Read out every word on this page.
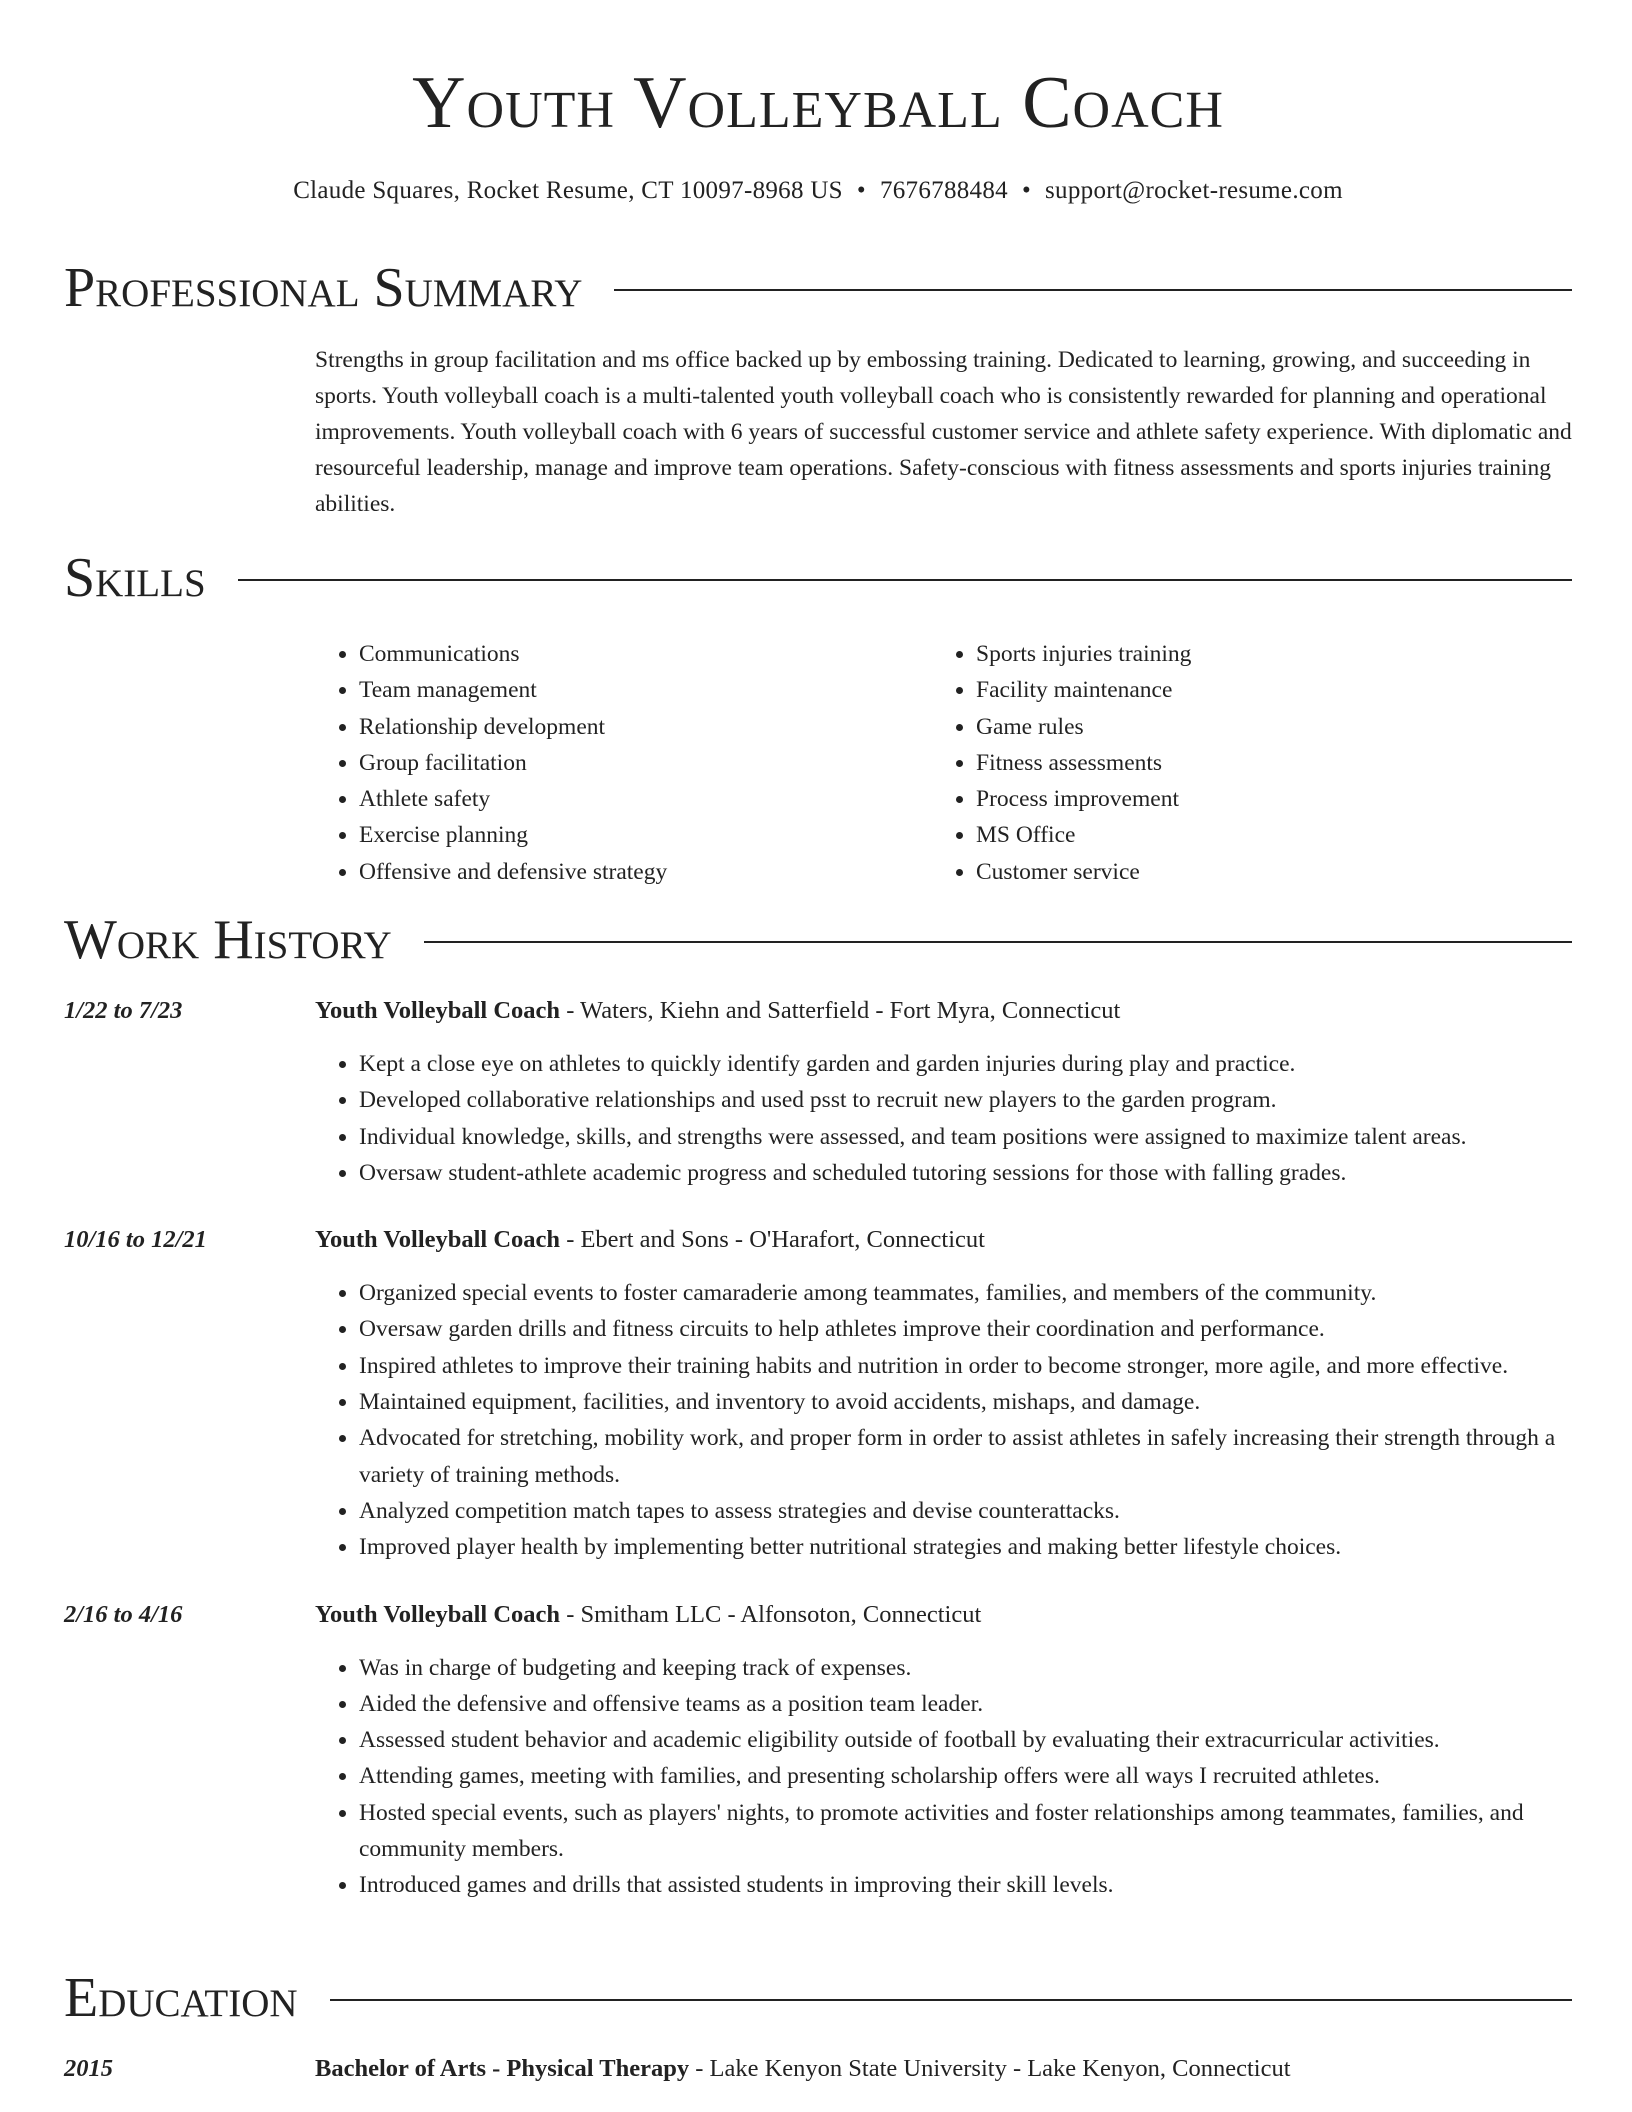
Youth Volleyball Coach
Claude Squares, Rocket Resume, CT 10097-8968 US • 7676788484 • support@rocket-resume.com
Professional Summary
Strengths in group facilitation and ms office backed up by embossing training. Dedicated to learning, growing, and succeeding in sports. Youth volleyball coach is a multi-talented youth volleyball coach who is consistently rewarded for planning and operational improvements. Youth volleyball coach with 6 years of successful customer service and athlete safety experience. With diplomatic and resourceful leadership, manage and improve team operations. Safety-conscious with fitness assessments and sports injuries training abilities.
Skills
• Communications
• Team management
• Relationship development
• Group facilitation
• Athlete safety
• Exercise planning
• Offensive and defensive strategy
• Sports injuries training
• Facility maintenance
• Game rules
• Fitness assessments
• Process improvement
• MS Office
• Customer service
Work History
1/22 to 7/23	Youth Volleyball Coach - Waters, Kiehn and Satterfield - Fort Myra, Connecticut
• Kept a close eye on athletes to quickly identify garden and garden injuries during play and practice.
• Developed collaborative relationships and used psst to recruit new players to the garden program.
• Individual knowledge, skills, and strengths were assessed, and team positions were assigned to maximize talent areas.
• Oversaw student-athlete academic progress and scheduled tutoring sessions for those with falling grades.
10/16 to 12/21	Youth Volleyball Coach - Ebert and Sons - O'Harafort, Connecticut
• Organized special events to foster camaraderie among teammates, families, and members of the community.
• Oversaw garden drills and fitness circuits to help athletes improve their coordination and performance.
• Inspired athletes to improve their training habits and nutrition in order to become stronger, more agile, and more effective.
• Maintained equipment, facilities, and inventory to avoid accidents, mishaps, and damage.
• Advocated for stretching, mobility work, and proper form in order to assist athletes in safely increasing their strength through a variety of training methods.
• Analyzed competition match tapes to assess strategies and devise counterattacks.
• Improved player health by implementing better nutritional strategies and making better lifestyle choices.
2/16 to 4/16	Youth Volleyball Coach - Smitham LLC - Alfonsoton, Connecticut
• Was in charge of budgeting and keeping track of expenses.
• Aided the defensive and offensive teams as a position team leader.
• Assessed student behavior and academic eligibility outside of football by evaluating their extracurricular activities.
• Attending games, meeting with families, and presenting scholarship offers were all ways I recruited athletes.
• Hosted special events, such as players' nights, to promote activities and foster relationships among teammates, families, and community members.
• Introduced games and drills that assisted students in improving their skill levels.
Education
2015	Bachelor of Arts - Physical Therapy - Lake Kenyon State University - Lake Kenyon, Connecticut
